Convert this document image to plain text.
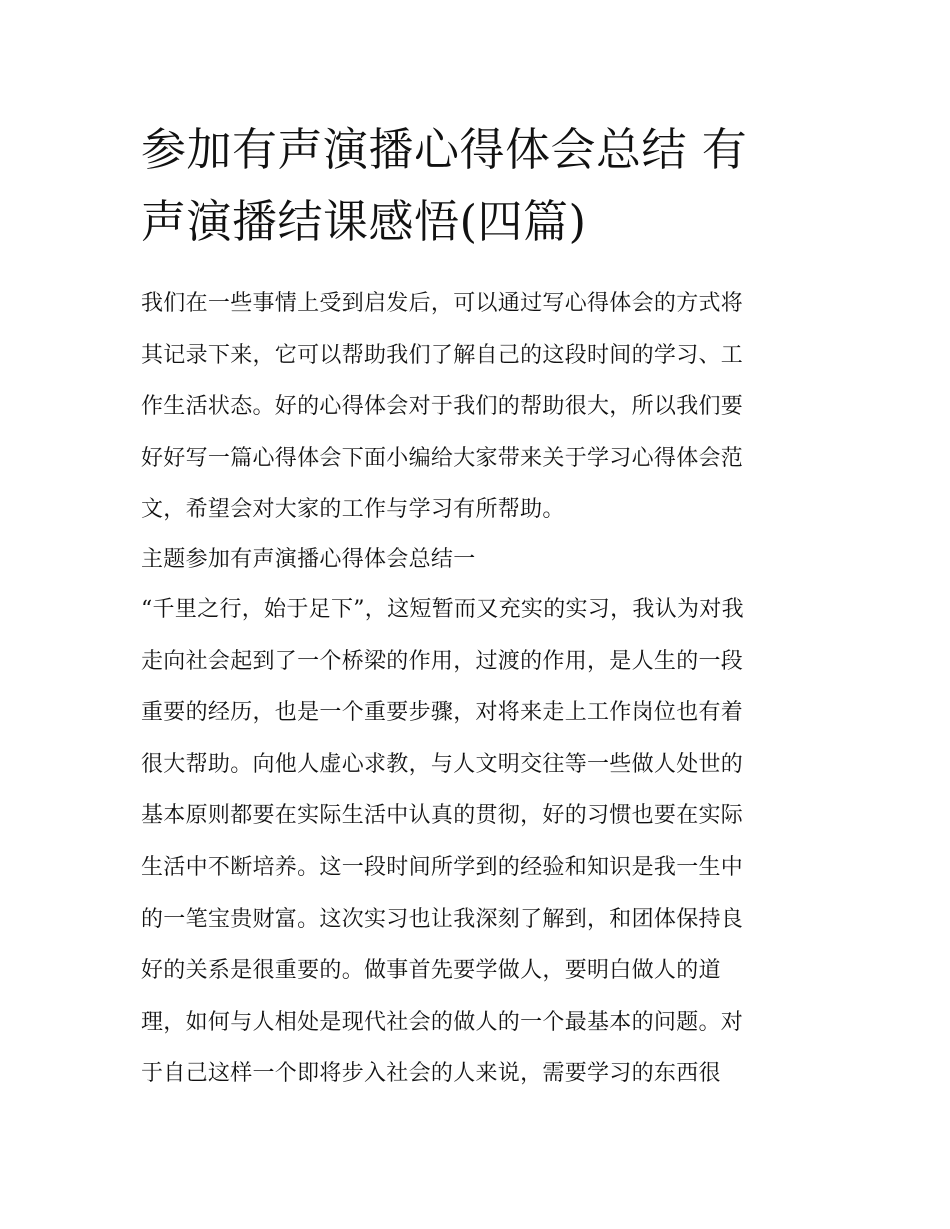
参加有声演播心得体会总结 有
声演播结课感悟(四篇)
我们在一些事情上受到启发后，可以通过写心得体会的方式将
其记录下来，它可以帮助我们了解自己的这段时间的学习、工
作生活状态。好的心得体会对于我们的帮助很大，所以我们要
好好写一篇心得体会下面小编给大家带来关于学习心得体会范
文，希望会对大家的工作与学习有所帮助。
主题参加有声演播心得体会总结一
“千里之行，始于足下”，这短暂而又充实的实习，我认为对我
走向社会起到了一个桥梁的作用，过渡的作用，是人生的一段
重要的经历，也是一个重要步骤，对将来走上工作岗位也有着
很大帮助。向他人虚心求教，与人文明交往等一些做人处世的
基本原则都要在实际生活中认真的贯彻，好的习惯也要在实际
生活中不断培养。这一段时间所学到的经验和知识是我一生中
的一笔宝贵财富。这次实习也让我深刻了解到，和团体保持良
好的关系是很重要的。做事首先要学做人，要明白做人的道
理，如何与人相处是现代社会的做人的一个最基本的问题。对
于自己这样一个即将步入社会的人来说，需要学习的东西很
